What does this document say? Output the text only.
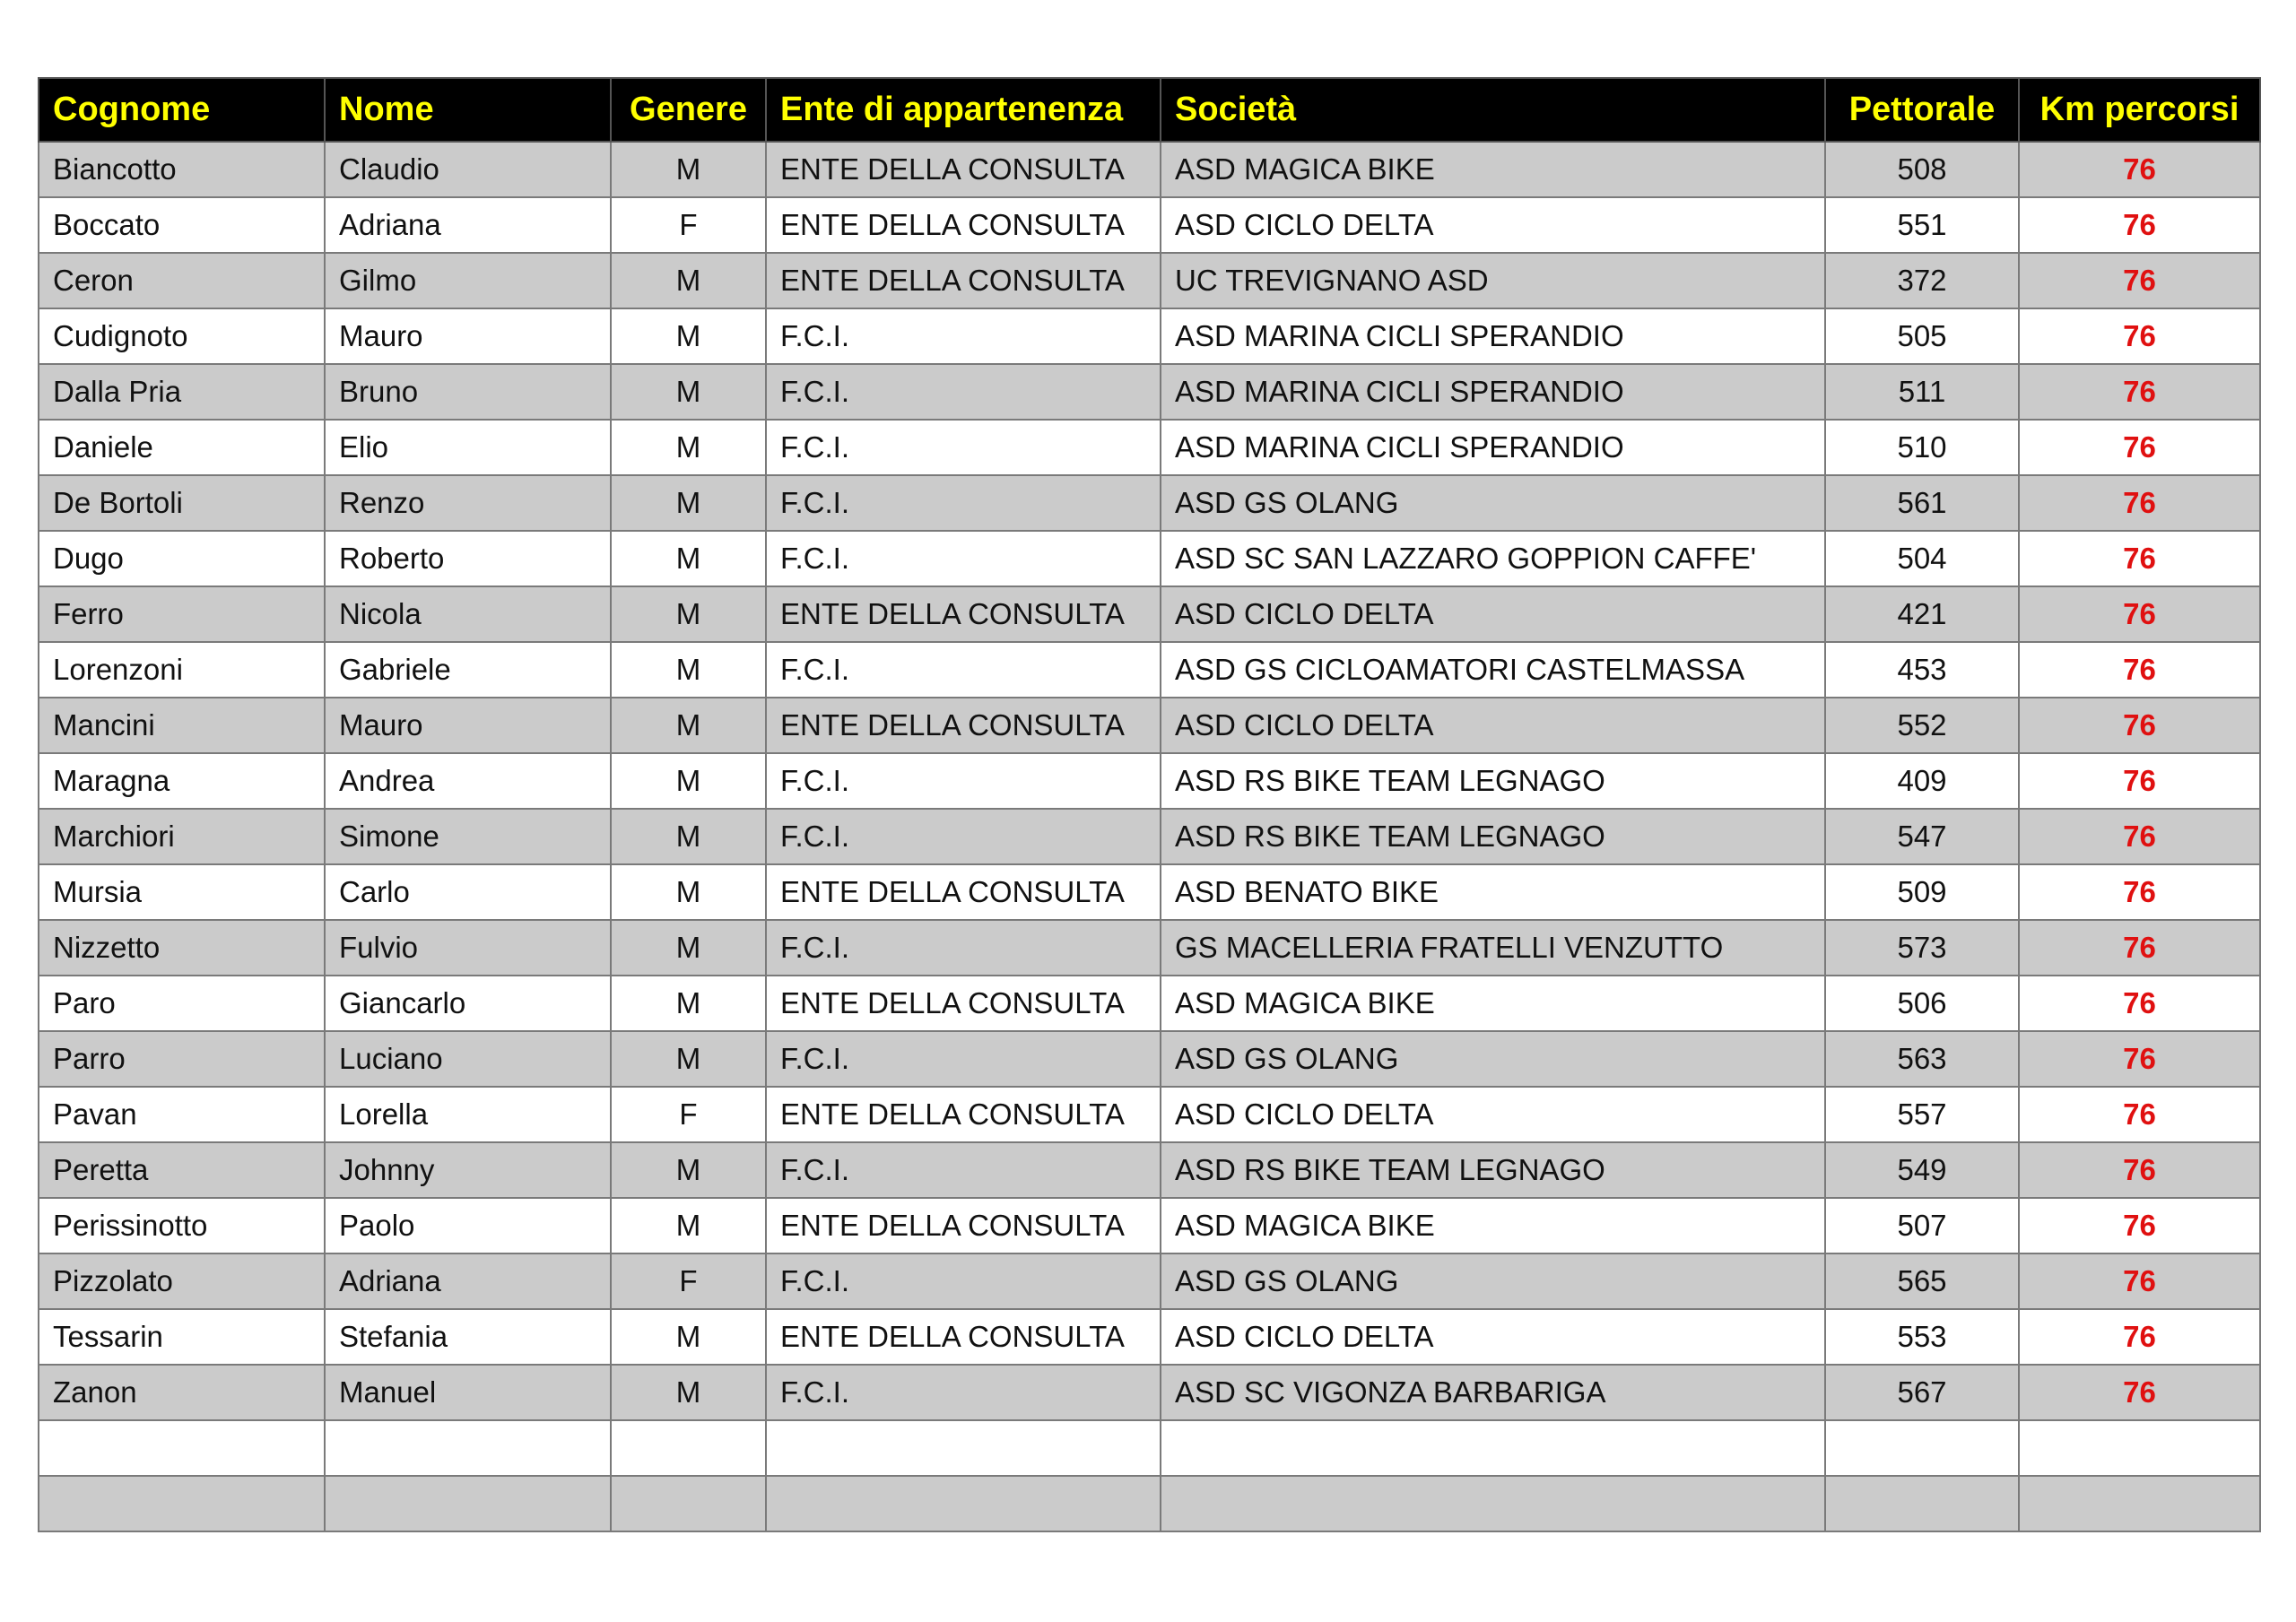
Cognome	Nome	Genere	Ente di appartenenza	Società	Pettorale	Km percorsi
Biancotto	Claudio	M	ENTE DELLA CONSULTA	ASD MAGICA BIKE	508	76
Boccato	Adriana	F	ENTE DELLA CONSULTA	ASD CICLO DELTA	551	76
Ceron	Gilmo	M	ENTE DELLA CONSULTA	UC TREVIGNANO ASD	372	76
Cudignoto	Mauro	M	F.C.I.	ASD MARINA CICLI SPERANDIO	505	76
Dalla Pria	Bruno	M	F.C.I.	ASD MARINA CICLI SPERANDIO	511	76
Daniele	Elio	M	F.C.I.	ASD MARINA CICLI SPERANDIO	510	76
De Bortoli	Renzo	M	F.C.I.	ASD GS OLANG	561	76
Dugo	Roberto	M	F.C.I.	ASD SC SAN LAZZARO GOPPION CAFFE'	504	76
Ferro	Nicola	M	ENTE DELLA CONSULTA	ASD CICLO DELTA	421	76
Lorenzoni	Gabriele	M	F.C.I.	ASD GS CICLOAMATORI CASTELMASSA	453	76
Mancini	Mauro	M	ENTE DELLA CONSULTA	ASD CICLO DELTA	552	76
Maragna	Andrea	M	F.C.I.	ASD RS BIKE TEAM LEGNAGO	409	76
Marchiori	Simone	M	F.C.I.	ASD RS BIKE TEAM LEGNAGO	547	76
Mursia	Carlo	M	ENTE DELLA CONSULTA	ASD BENATO BIKE	509	76
Nizzetto	Fulvio	M	F.C.I.	GS MACELLERIA FRATELLI VENZUTTO	573	76
Paro	Giancarlo	M	ENTE DELLA CONSULTA	ASD MAGICA BIKE	506	76
Parro	Luciano	M	F.C.I.	ASD GS OLANG	563	76
Pavan	Lorella	F	ENTE DELLA CONSULTA	ASD CICLO DELTA	557	76
Peretta	Johnny	M	F.C.I.	ASD RS BIKE TEAM LEGNAGO	549	76
Perissinotto	Paolo	M	ENTE DELLA CONSULTA	ASD MAGICA BIKE	507	76
Pizzolato	Adriana	F	F.C.I.	ASD GS OLANG	565	76
Tessarin	Stefania	M	ENTE DELLA CONSULTA	ASD CICLO DELTA	553	76
Zanon	Manuel	M	F.C.I.	ASD SC VIGONZA BARBARIGA	567	76
